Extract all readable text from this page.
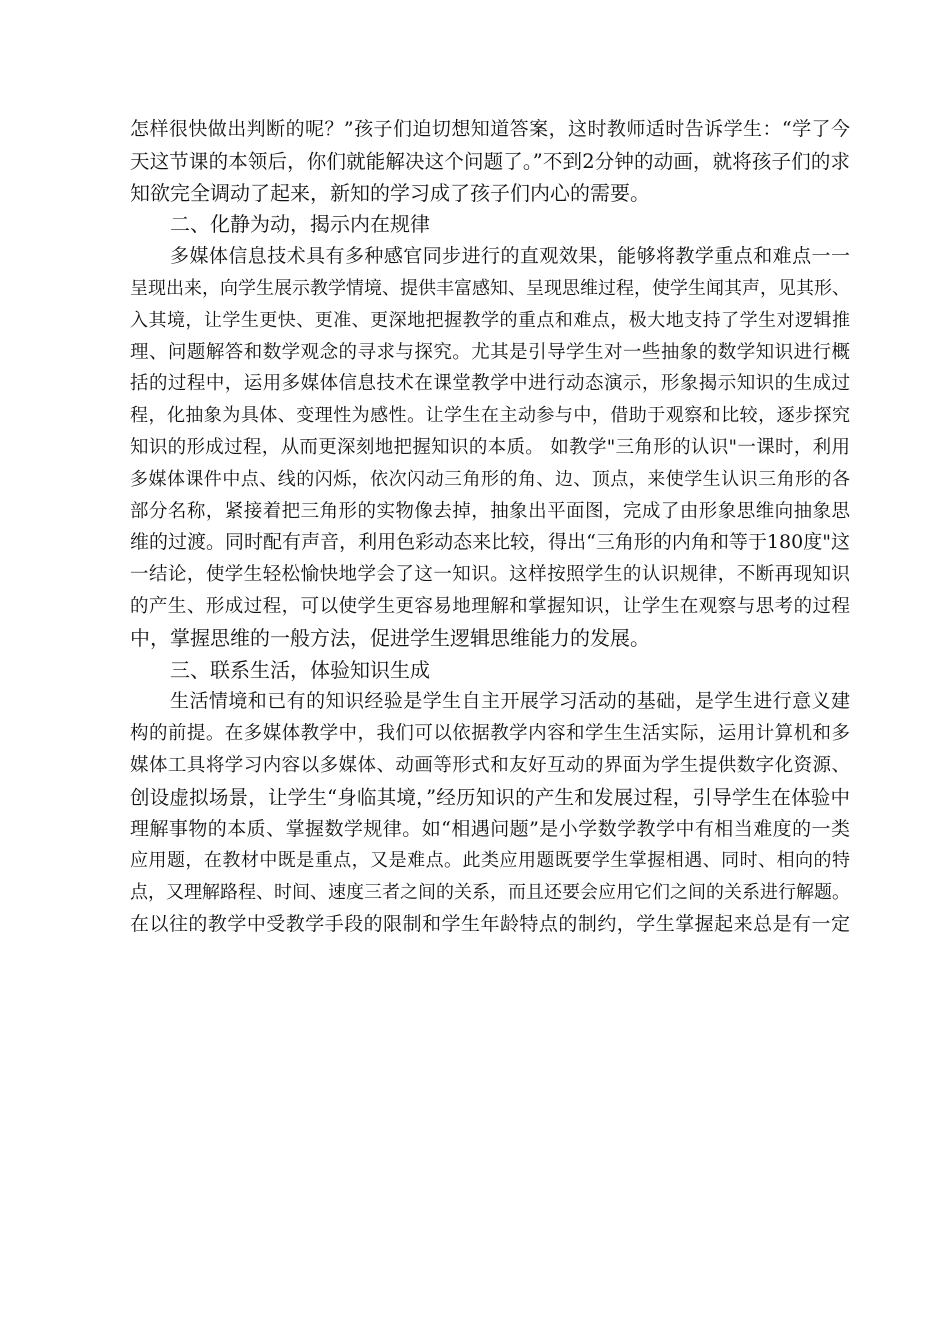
怎样很快做出判断的呢？”孩子们迫切想知道答案，这时教师适时告诉学生：“学了今
天这节课的本领后，你们就能解决这个问题了。”不到2分钟的动画，就将孩子们的求
知欲完全调动了起来，新知的学习成了孩子们内心的需要。
二、化静为动，揭示内在规律
多媒体信息技术具有多种感官同步进行的直观效果，能够将教学重点和难点一一
呈现出来，向学生展示教学情境、提供丰富感知、呈现思维过程，使学生闻其声，见其形、
入其境，让学生更快、更准、更深地把握教学的重点和难点，极大地支持了学生对逻辑推
理、问题解答和数学观念的寻求与探究。尤其是引导学生对一些抽象的数学知识进行概
括的过程中，运用多媒体信息技术在课堂教学中进行动态演示，形象揭示知识的生成过
程，化抽象为具体、变理性为感性。让学生在主动参与中，借助于观察和比较，逐步探究
知识的形成过程，从而更深刻地把握知识的本质。 如教学"三角形的认识"一课时，利用
多媒体课件中点、线的闪烁，依次闪动三角形的角、边、顶点，来使学生认识三角形的各
部分名称，紧接着把三角形的实物像去掉，抽象出平面图，完成了由形象思维向抽象思
维的过渡。同时配有声音，利用色彩动态来比较，得出“三角形的内角和等于180度"这
一结论，使学生轻松愉快地学会了这一知识。这样按照学生的认识规律，不断再现知识
的产生、形成过程，可以使学生更容易地理解和掌握知识，让学生在观察与思考的过程
中，掌握思维的一般方法，促进学生逻辑思维能力的发展。
三、联系生活，体验知识生成
生活情境和已有的知识经验是学生自主开展学习活动的基础，是学生进行意义建
构的前提。在多媒体教学中，我们可以依据教学内容和学生生活实际，运用计算机和多
媒体工具将学习内容以多媒体、动画等形式和友好互动的界面为学生提供数字化资源、
创设虚拟场景，让学生“身临其境，”经历知识的产生和发展过程，引导学生在体验中
理解事物的本质、掌握数学规律。如“相遇问题”是小学数学教学中有相当难度的一类
应用题，在教材中既是重点，又是难点。此类应用题既要学生掌握相遇、同时、相向的特
点，又理解路程、时间、速度三者之间的关系，而且还要会应用它们之间的关系进行解题。
在以往的教学中受教学手段的限制和学生年龄特点的制约，学生掌握起来总是有一定
